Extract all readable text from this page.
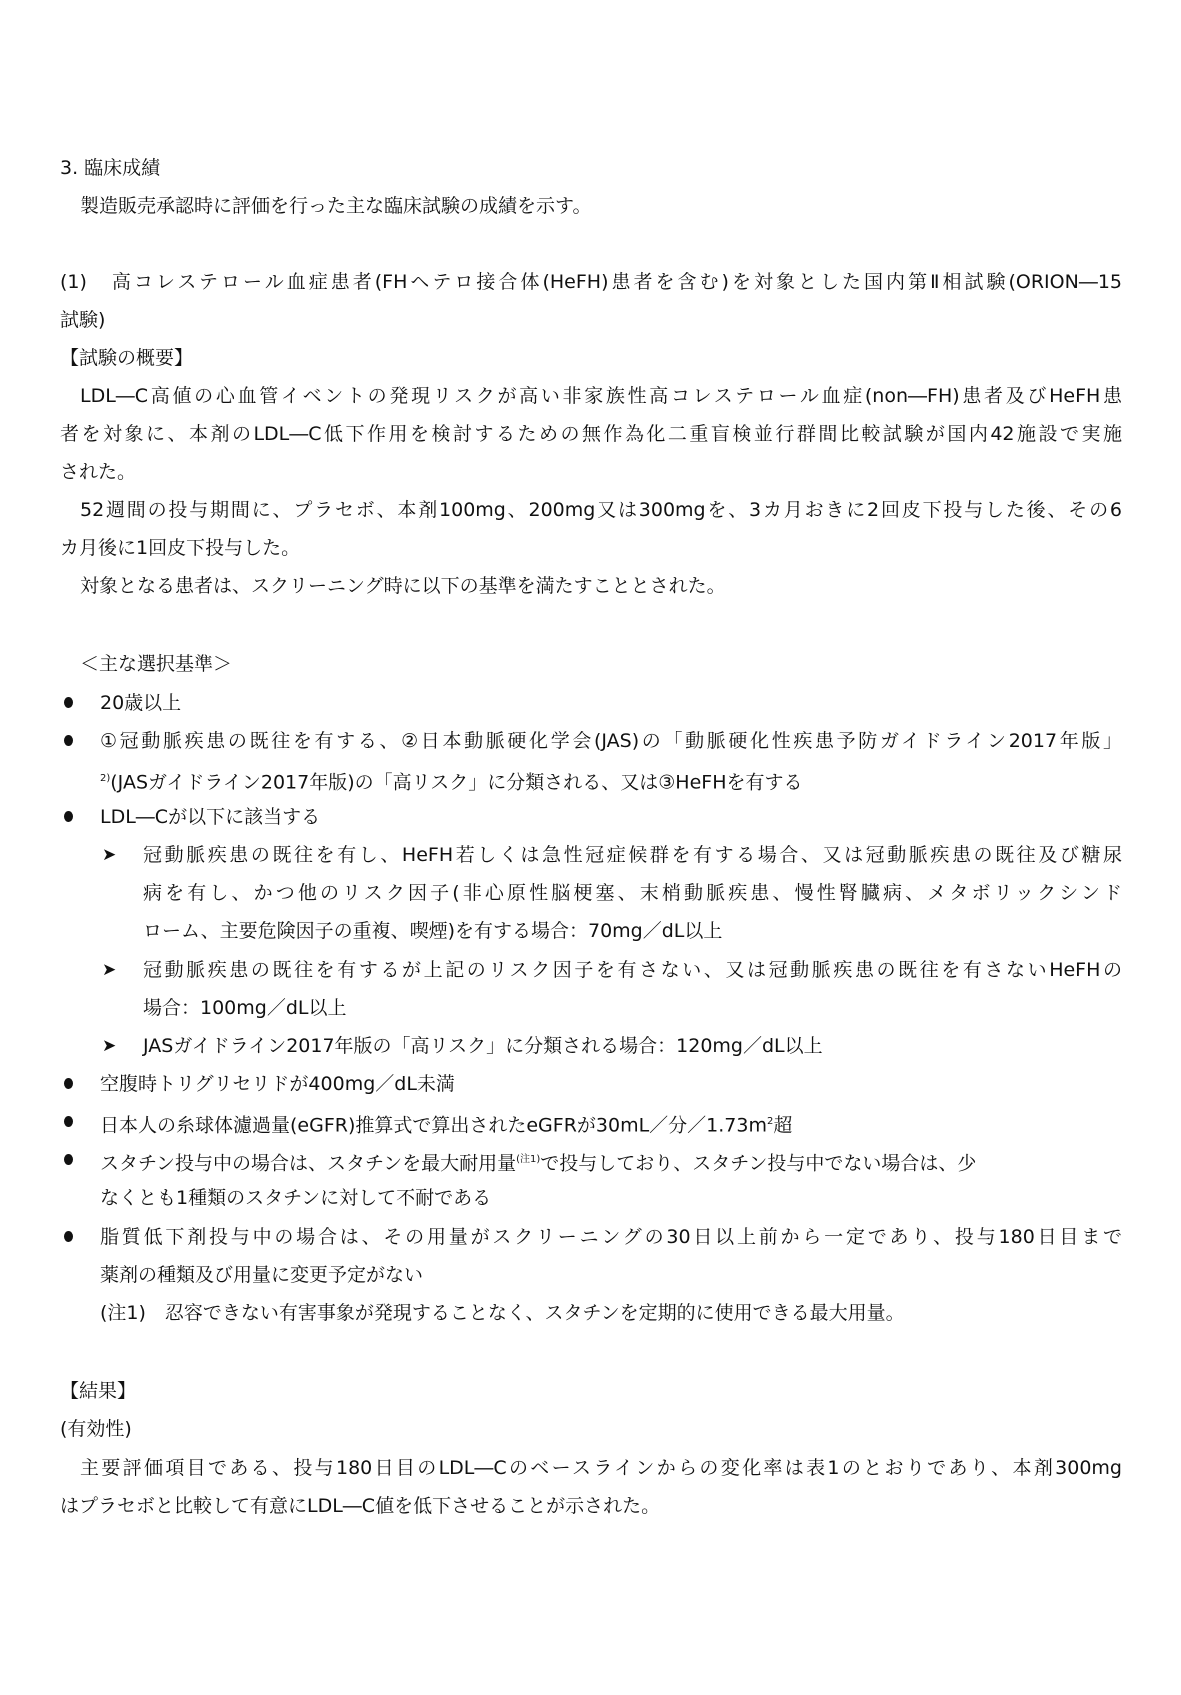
3. 臨床成績
製造販売承認時に評価を行った主な臨床試験の成績を示す。
(1)　高コレステロール血症患者(FHヘテロ接合体(HeFH)患者を含む)を対象とした国内第Ⅱ相試験(ORION―15
試験)
【試験の概要】
LDL―C高値の心血管イベントの発現リスクが高い非家族性高コレステロール血症(non―FH)患者及びHeFH患
者を対象に、本剤のLDL―C低下作用を検討するための無作為化二重盲検並行群間比較試験が国内42施設で実施
された。
52週間の投与期間に、プラセボ、本剤100mg、200mg又は300mgを、3カ月おきに2回皮下投与した後、その6
カ月後に1回皮下投与した。
対象となる患者は、スクリーニング時に以下の基準を満たすこととされた。
＜主な選択基準＞
20歳以上
①冠動脈疾患の既往を有する、②日本動脈硬化学会(JAS)の「動脈硬化性疾患予防ガイドライン2017年版」
$^{2)}$(JASガイドライン2017年版)の「高リスク」に分類される、又は③HeFHを有する
LDL―Cが以下に該当する
➤ 冠動脈疾患の既往を有し、HeFH若しくは急性冠症候群を有する場合、又は冠動脈疾患の既往及び糖尿
病を有し、かつ他のリスク因子(非心原性脳梗塞、末梢動脈疾患、慢性腎臓病、メタボリックシンド
ローム、主要危険因子の重複、喫煙)を有する場合：70mg／dL以上
➤ 冠動脈疾患の既往を有するが上記のリスク因子を有さない、又は冠動脈疾患の既往を有さないHeFHの
場合：100mg／dL以上
➤ JASガイドライン2017年版の「高リスク」に分類される場合：120mg／dL以上
空腹時トリグリセリドが400mg／dL未満
日本人の糸球体濾過量(eGFR)推算式で算出されたeGFRが30mL／分$/1.73m^2$超
スタチン投与中の場合は、スタチンを最大耐用量$^{(注1)}$で投与しており、スタチン投与中でない場合は、少
なくとも1種類のスタチンに対して不耐である
脂質低下剤投与中の場合は、その用量がスクリーニングの30日以上前から一定であり、投与180日目まで
薬剤の種類及び用量に変更予定がない
(注1)　忍容できない有害事象が発現することなく、スタチンを定期的に使用できる最大用量。
【結果】
(有効性)
主要評価項目である、投与180日目のLDL―Cのベースラインからの変化率は表1のとおりであり、本剤300mg
はプラセボと比較して有意にLDL―C値を低下させることが示された。
